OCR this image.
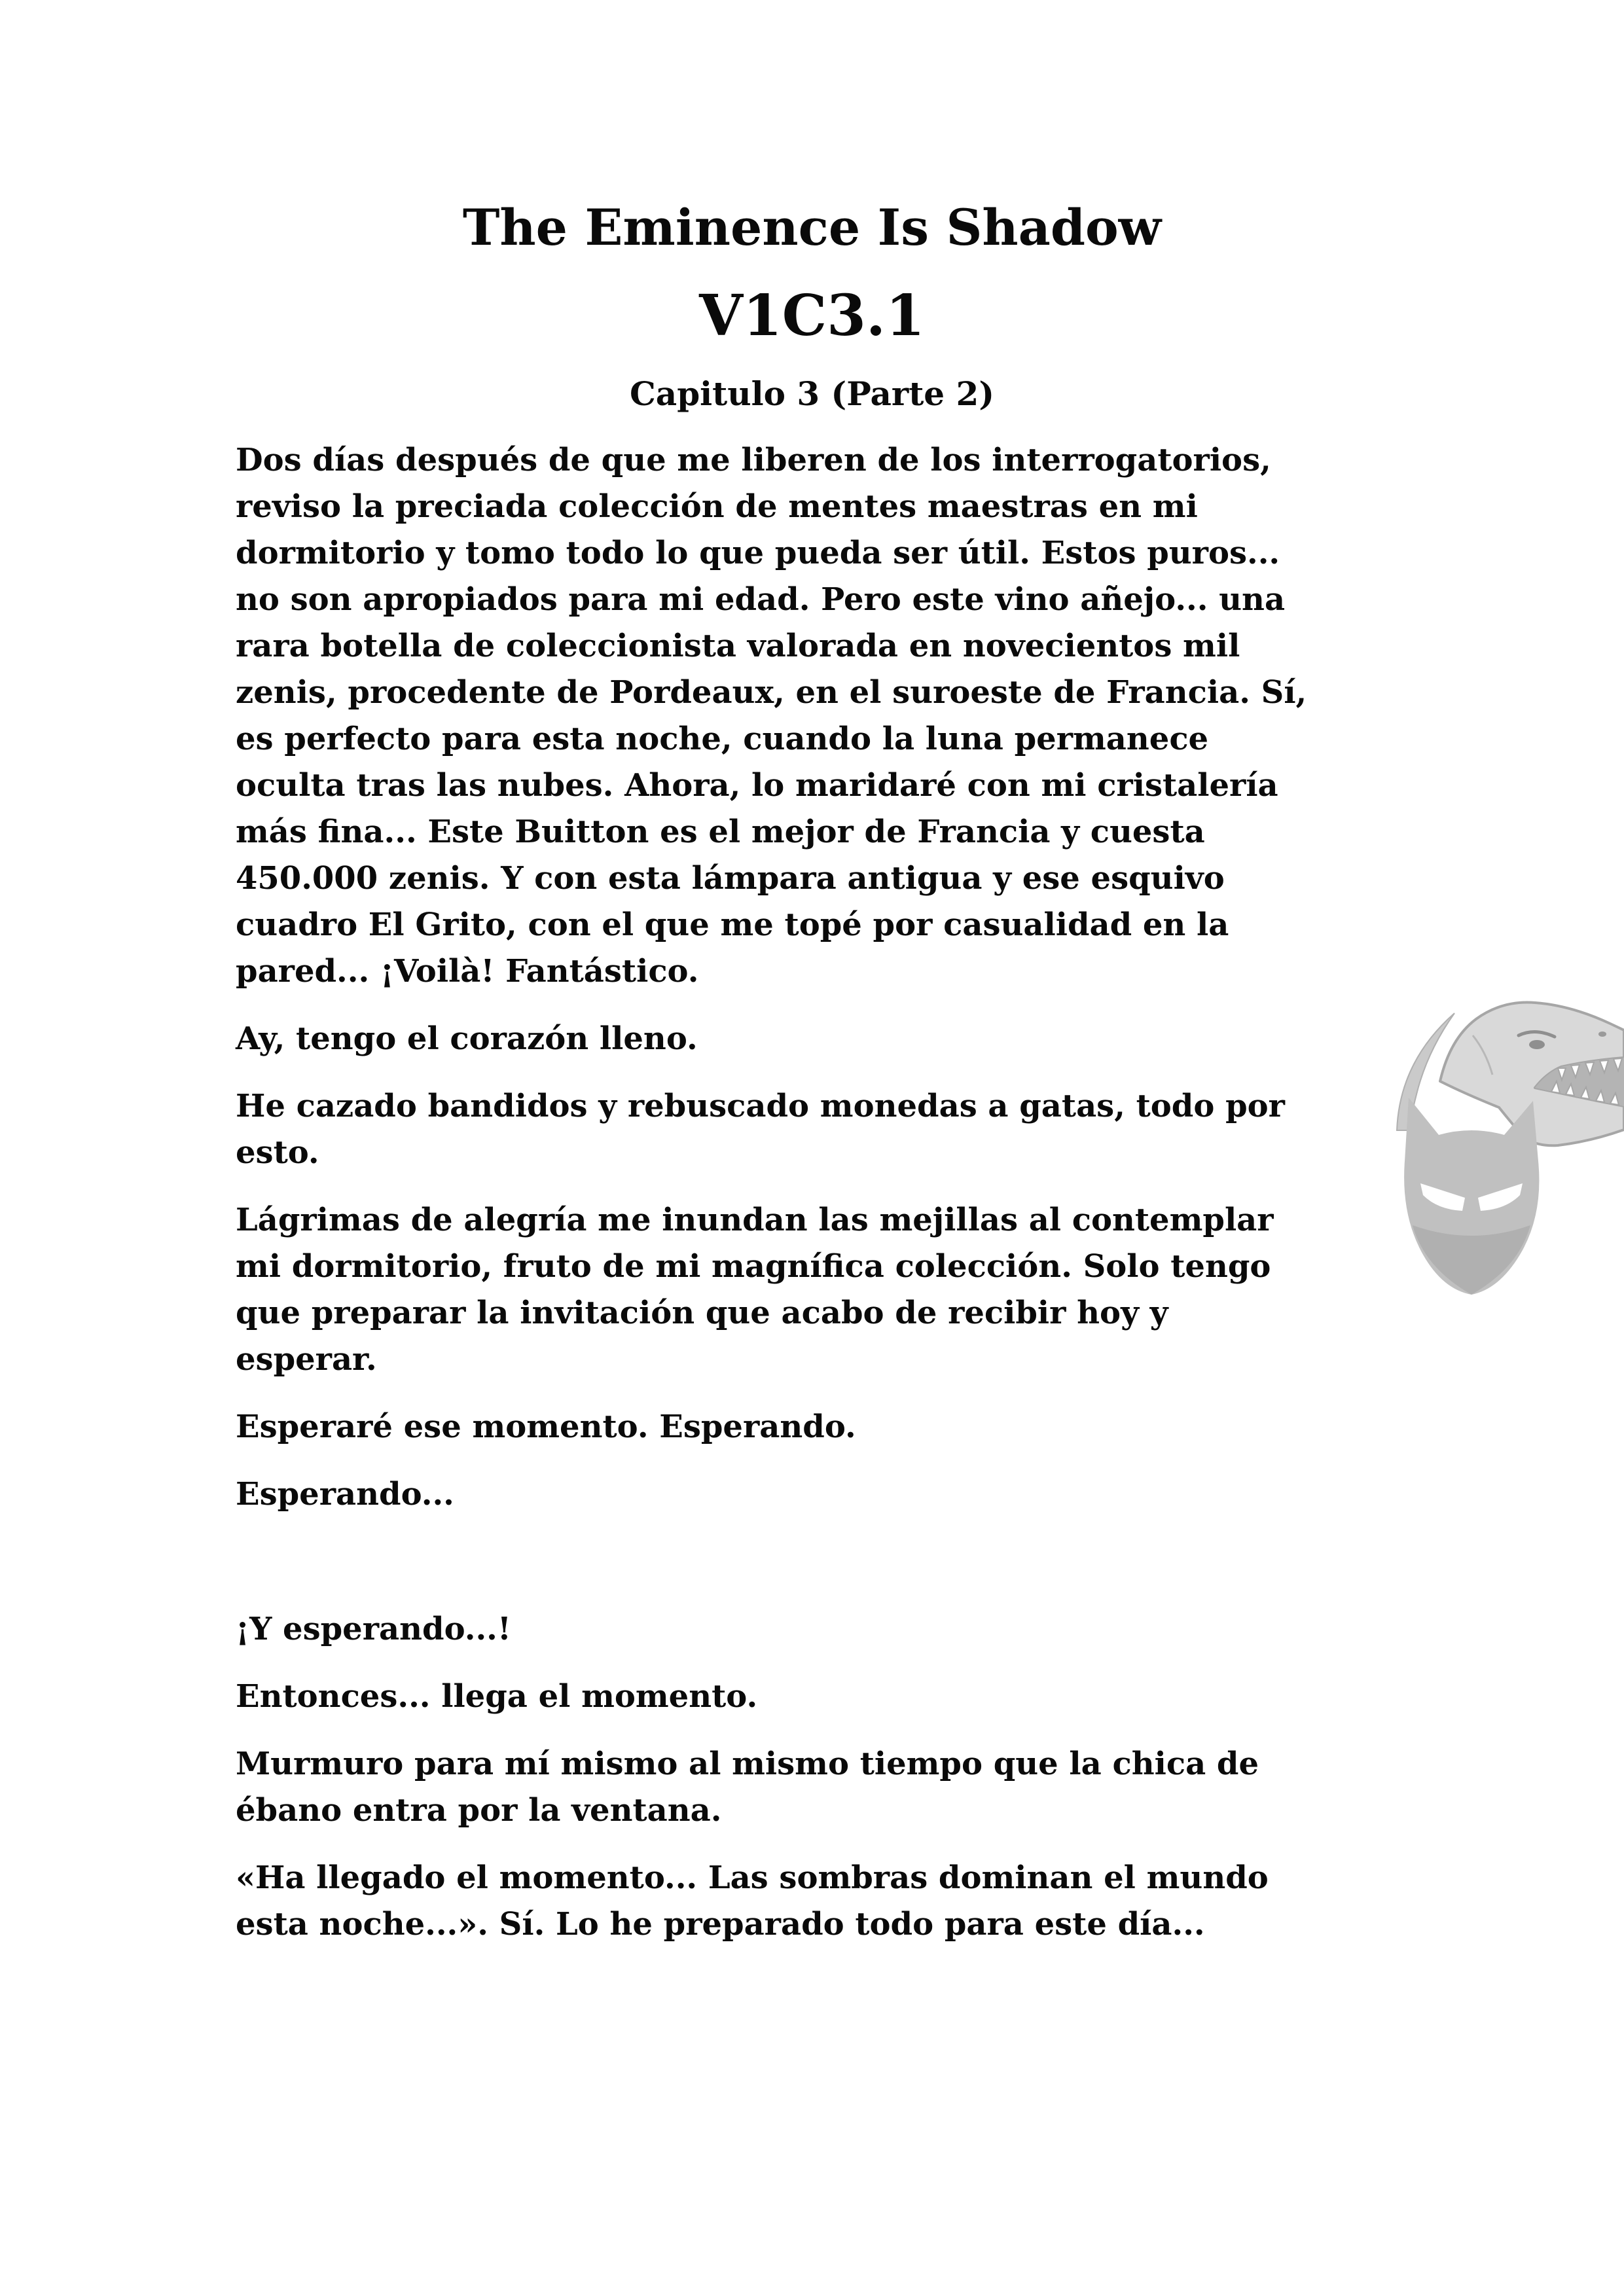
The Eminence Is Shadow
V1C3.1
Capitulo 3 (Parte 2)

Dos días después de que me liberen de los interrogatorios,
reviso la preciada colección de mentes maestras en mi
dormitorio y tomo todo lo que pueda ser útil. Estos puros...
no son apropiados para mi edad. Pero este vino añejo... una
rara botella de coleccionista valorada en novecientos mil
zenis, procedente de Pordeaux, en el suroeste de Francia. Sí,
es perfecto para esta noche, cuando la luna permanece
oculta tras las nubes. Ahora, lo maridaré con mi cristalería
más fina... Este Buitton es el mejor de Francia y cuesta
450.000 zenis. Y con esta lámpara antigua y ese esquivo
cuadro El Grito, con el que me topé por casualidad en la
pared... ¡Voilà! Fantástico.

Ay, tengo el corazón lleno.

He cazado bandidos y rebuscado monedas a gatas, todo por
esto.

Lágrimas de alegría me inundan las mejillas al contemplar
mi dormitorio, fruto de mi magnífica colección. Solo tengo
que preparar la invitación que acabo de recibir hoy y
esperar.

Esperaré ese momento. Esperando.

Esperando...

¡Y esperando...!

Entonces... llega el momento.

Murmuro para mí mismo al mismo tiempo que la chica de
ébano entra por la ventana.

«Ha llegado el momento... Las sombras dominan el mundo
esta noche...». Sí. Lo he preparado todo para este día...
